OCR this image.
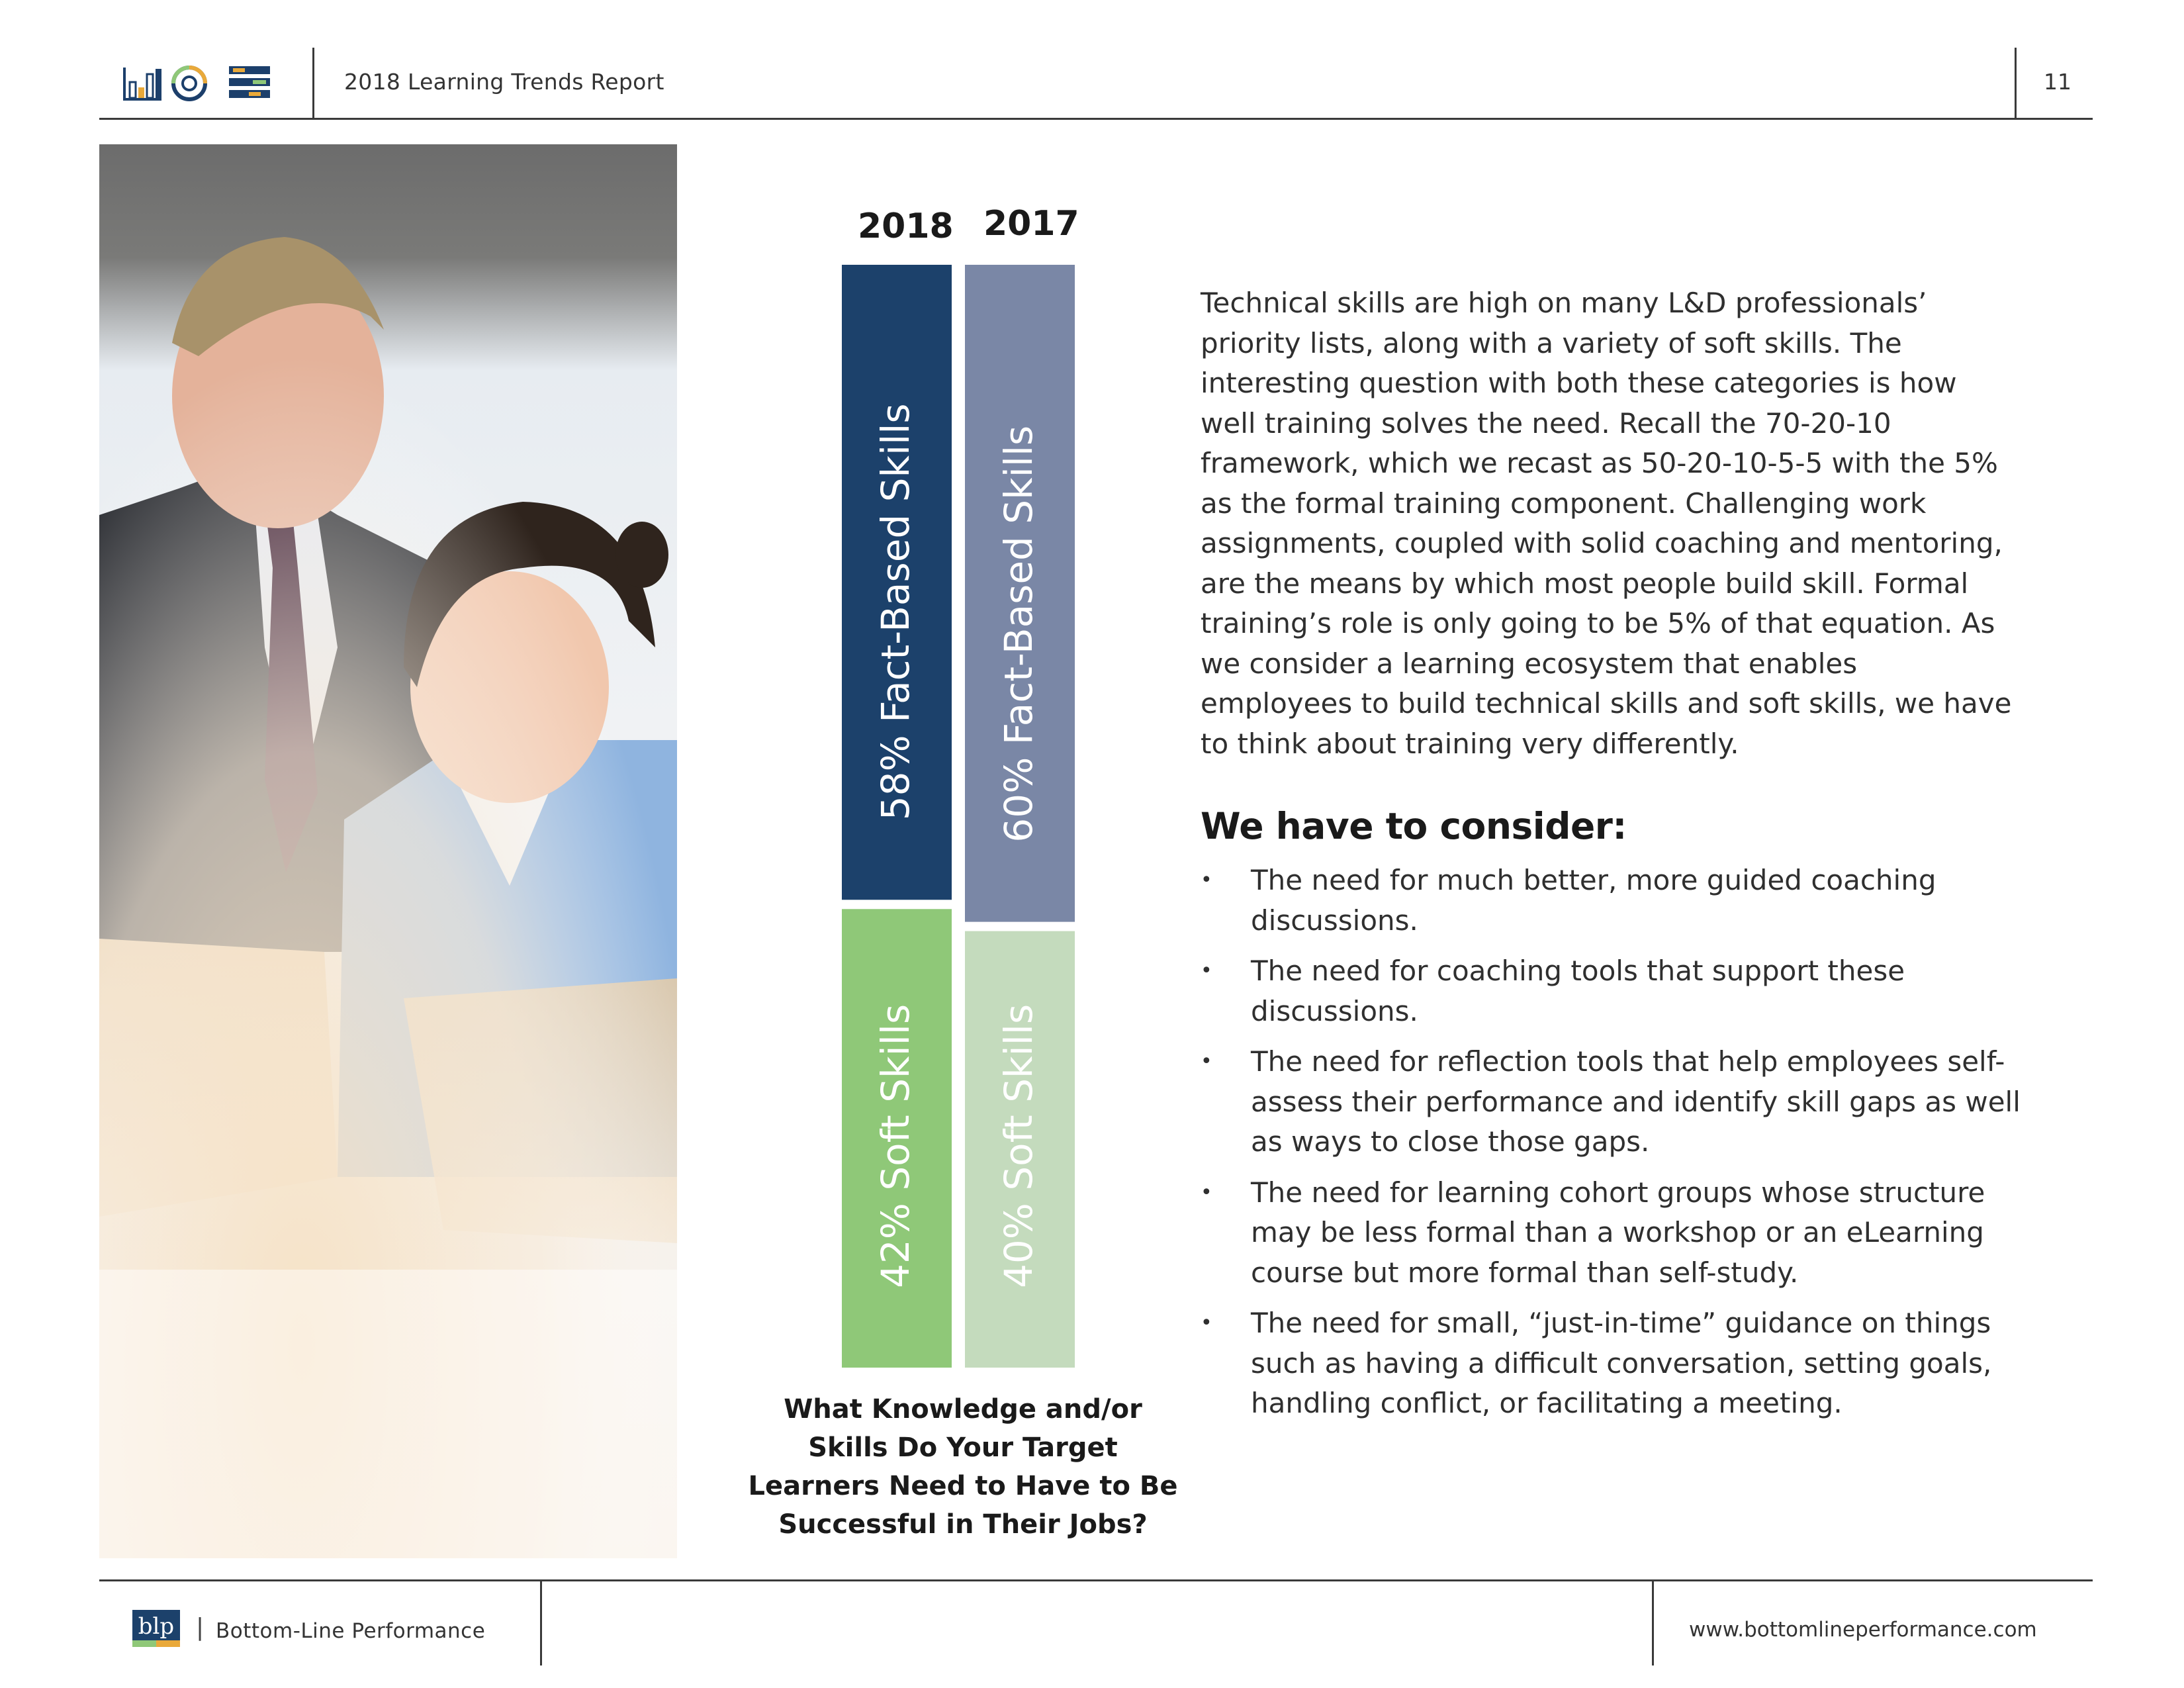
2018 Learning Trends Report	11
2018 2017
58% Fact-Based Skills
42% Soft Skills
60% Fact-Based Skills
40% Soft Skills
What Knowledge and/or Skills Do Your Target Learners Need to Have to Be Successful in Their Jobs?

Technical skills are high on many L&D professionals’ priority lists, along with a variety of soft skills. The interesting question with both these categories is how well training solves the need. Recall the 70-20-10 framework, which we recast as 50-20-10-5-5 with the 5% as the formal training component. Challenging work assignments, coupled with solid coaching and mentoring, are the means by which most people build skill. Formal training’s role is only going to be 5% of that equation. As we consider a learning ecosystem that enables employees to build technical skills and soft skills, we have to think about training very differently.

We have to consider:
• The need for much better, more guided coaching discussions.
• The need for coaching tools that support these discussions.
• The need for reflection tools that help employees self-assess their performance and identify skill gaps as well as ways to close those gaps.
• The need for learning cohort groups whose structure may be less formal than a workshop or an eLearning course but more formal than self-study.
• The need for small, “just-in-time” guidance on things such as having a difficult conversation, setting goals, handling conflict, or facilitating a meeting.
blp | Bottom-Line Performance	www.bottomlineperformance.com
